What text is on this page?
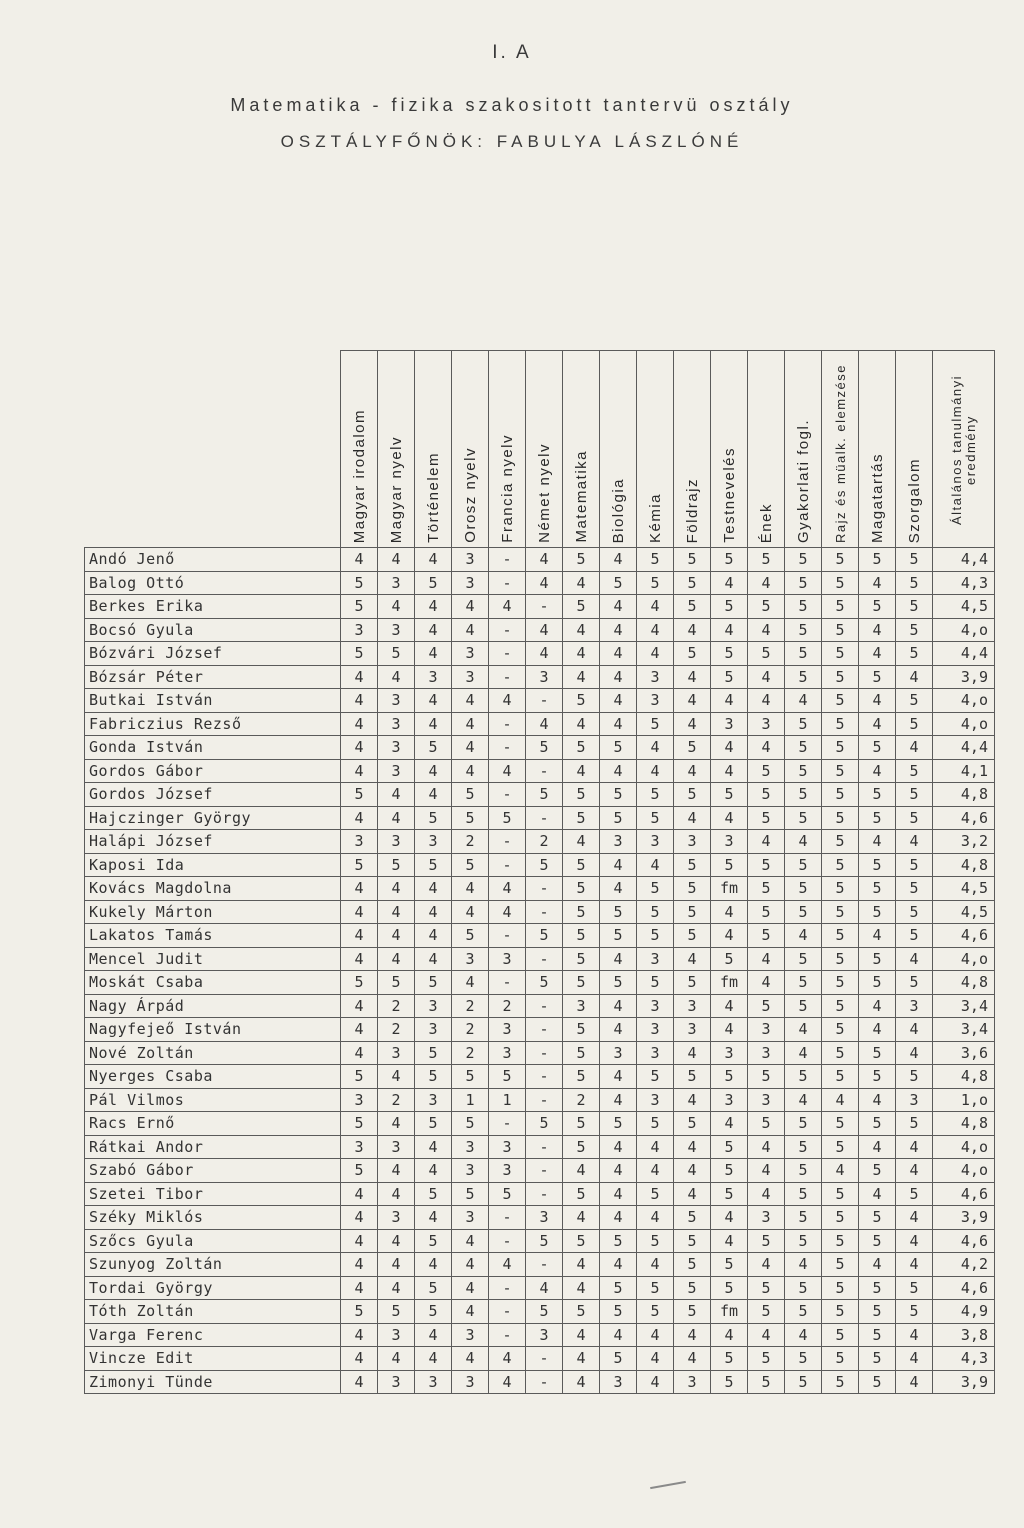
I. A
Matematika - fizika szakositott tantervü osztály
OSZTÁLYFŐNÖK: FABULYA LÁSZLÓNÉ

	Magyar irodalom	Magyar nyelv	Történelem	Orosz nyelv	Francia nyelv	Német nyelv	Matematika	Biológia	Kémia	Földrajz	Testnevelés	Ének	Gyakorlati fogl.	Rajz és müalk. elemzése	Magatartás	Szorgalom	Általános tanulmányi eredmény

Andó Jenő	4	4	4	3	-	4	5	4	5	5	5	5	5	5	5	5	4,4
Balog Ottó	5	3	5	3	-	4	4	5	5	5	4	4	5	5	4	5	4,3
Berkes Erika	5	4	4	4	4	-	5	4	4	5	5	5	5	5	5	5	4,5
Bocsó Gyula	3	3	4	4	-	4	4	4	4	4	4	4	5	5	4	5	4,o
Bózvári József	5	5	4	3	-	4	4	4	4	5	5	5	5	5	4	5	4,4
Bózsár Péter	4	4	3	3	-	3	4	4	3	4	5	4	5	5	5	4	3,9
Butkai István	4	3	4	4	4	-	5	4	3	4	4	4	4	5	4	5	4,o
Fabriczius Rezső	4	3	4	4	-	4	4	4	5	4	3	3	5	5	4	5	4,o
Gonda István	4	3	5	4	-	5	5	5	4	5	4	4	5	5	5	4	4,4
Gordos Gábor	4	3	4	4	4	-	4	4	4	4	4	5	5	5	4	5	4,1
Gordos József	5	4	4	5	-	5	5	5	5	5	5	5	5	5	5	5	4,8
Hajczinger György	4	4	5	5	5	-	5	5	5	4	4	5	5	5	5	5	4,6
Halápi József	3	3	3	2	-	2	4	3	3	3	3	4	4	5	4	4	3,2
Kaposi Ida	5	5	5	5	-	5	5	4	4	5	5	5	5	5	5	5	4,8
Kovács Magdolna	4	4	4	4	4	-	5	4	5	5	fm	5	5	5	5	5	4,5
Kukely Márton	4	4	4	4	4	-	5	5	5	5	4	5	5	5	5	5	4,5
Lakatos Tamás	4	4	4	5	-	5	5	5	5	5	4	5	4	5	4	5	4,6
Mencel Judit	4	4	4	3	3	-	5	4	3	4	5	4	5	5	5	4	4,o
Moskát Csaba	5	5	5	4	-	5	5	5	5	5	fm	4	5	5	5	5	4,8
Nagy Árpád	4	2	3	2	2	-	3	4	3	3	4	5	5	5	4	3	3,4
Nagyfejeő István	4	2	3	2	3	-	5	4	3	3	4	3	4	5	4	4	3,4
Nové Zoltán	4	3	5	2	3	-	5	3	3	4	3	3	4	5	5	4	3,6
Nyerges Csaba	5	4	5	5	5	-	5	4	5	5	5	5	5	5	5	5	4,8
Pál Vilmos	3	2	3	1	1	-	2	4	3	4	3	3	4	4	4	3	1,o
Racs Ernő	5	4	5	5	-	5	5	5	5	5	4	5	5	5	5	5	4,8
Rátkai Andor	3	3	4	3	3	-	5	4	4	4	5	4	5	5	4	4	4,o
Szabó Gábor	5	4	4	3	3	-	4	4	4	4	5	4	5	4	5	4	4,o
Szetei Tibor	4	4	5	5	5	-	5	4	5	4	5	4	5	5	4	5	4,6
Széky Miklós	4	3	4	3	-	3	4	4	4	5	4	3	5	5	5	4	3,9
Szőcs Gyula	4	4	5	4	-	5	5	5	5	5	4	5	5	5	5	4	4,6
Szunyog Zoltán	4	4	4	4	4	-	4	4	4	5	5	4	4	5	4	4	4,2
Tordai György	4	4	5	4	-	4	4	5	5	5	5	5	5	5	5	5	4,6
Tóth Zoltán	5	5	5	4	-	5	5	5	5	5	fm	5	5	5	5	5	4,9
Varga Ferenc	4	3	4	3	-	3	4	4	4	4	4	4	4	5	5	4	3,8
Vincze Edit	4	4	4	4	4	-	4	5	4	4	5	5	5	5	5	4	4,3
Zimonyi Tünde	4	3	3	3	4	-	4	3	4	3	5	5	5	5	5	4	3,9
